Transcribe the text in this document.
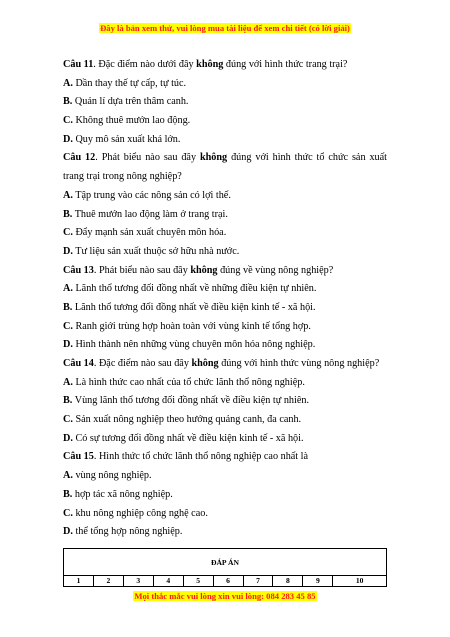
Đây là bản xem thử, vui lòng mua tài liệu để xem chi tiết (có lời giải)
Câu 11. Đặc điểm nào dưới đây không đúng với hình thức trang trại?
A. Dần thay thế tự cấp, tự túc.
B. Quản lí dựa trên thâm canh.
C. Không thuê mướn lao động.
D. Quy mô sản xuất khá lớn.
Câu 12. Phát biểu nào sau đây không đúng với hình thức tổ chức sản xuất
trang trại trong nông nghiệp?
A. Tập trung vào các nông sản có lợi thế.
B. Thuê mướn lao động làm ở trang trại.
C. Đẩy mạnh sản xuất chuyên môn hóa.
D. Tư liệu sản xuất thuộc sở hữu nhà nước.
Câu 13. Phát biểu nào sau đây không đúng về vùng nông nghiệp?
A. Lãnh thổ tương đối đồng nhất về những điều kiện tự nhiên.
B. Lãnh thổ tương đối đồng nhất về điều kiện kinh tế - xã hội.
C. Ranh giới trùng hợp hoàn toàn với vùng kinh tế tổng hợp.
D. Hình thành nên những vùng chuyên môn hóa nông nghiệp.
Câu 14. Đặc điểm nào sau đây không đúng với hình thức vùng nông nghiệp?
A. Là hình thức cao nhất của tổ chức lãnh thổ nông nghiệp.
B. Vùng lãnh thổ tương đối đồng nhất về điều kiện tự nhiên.
C. Sản xuất nông nghiệp theo hướng quảng canh, đa canh.
D. Có sự tương đối đồng nhất về điều kiện kinh tế - xã hội.
Câu 15. Hình thức tổ chức lãnh thổ nông nghiệp cao nhất là
A. vùng nông nghiệp.
B. hợp tác xã nông nghiệp.
C. khu nông nghiệp công nghệ cao.
D. thể tổng hợp nông nghiệp.
ĐÁP ÁN
1	2	3	4	5	6	7	8	9	10
Mọi thắc mắc vui lòng xin vui lòng: 084 283 45 85
